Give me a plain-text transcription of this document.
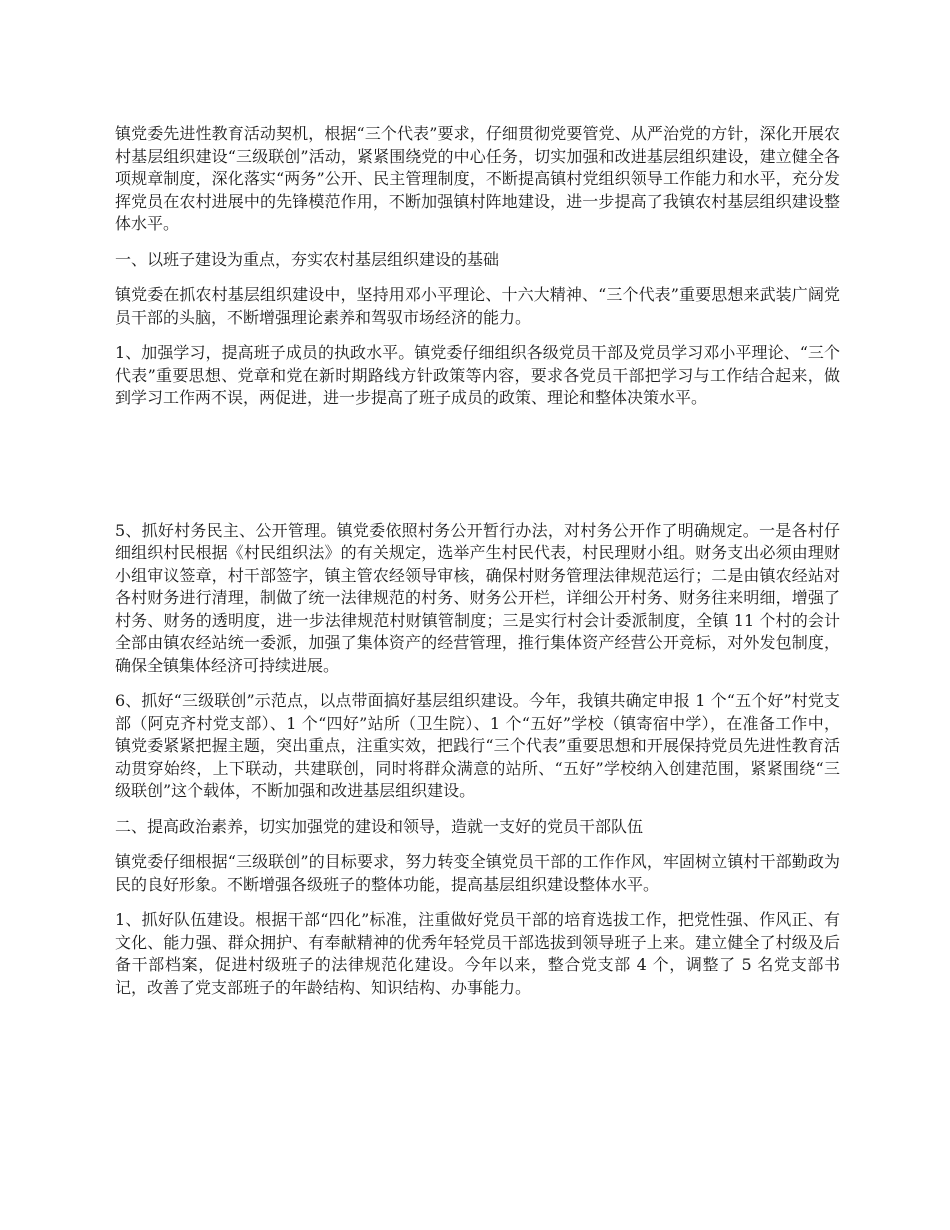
镇党委先进性教育活动契机，根据“三个代表”要求，仔细贯彻党要管党、从严治党的方针，深化开展农村基层组织建设“三级联创”活动，紧紧围绕党的中心任务，切实加强和改进基层组织建设，建立健全各项规章制度，深化落实“两务”公开、民主管理制度，不断提高镇村党组织领导工作能力和水平，充分发挥党员在农村进展中的先锋模范作用，不断加强镇村阵地建设，进一步提高了我镇农村基层组织建设整体水平。

一、以班子建设为重点，夯实农村基层组织建设的基础

镇党委在抓农村基层组织建设中，坚持用邓小平理论、十六大精神、“三个代表”重要思想来武装广阔党员干部的头脑，不断增强理论素养和驾驭市场经济的能力。

1、加强学习，提高班子成员的执政水平。镇党委仔细组织各级党员干部及党员学习邓小平理论、“三个代表”重要思想、党章和党在新时期路线方针政策等内容，要求各党员干部把学习与工作结合起来，做到学习工作两不误，两促进，进一步提高了班子成员的政策、理论和整体决策水平。

5、抓好村务民主、公开管理。镇党委依照村务公开暂行办法，对村务公开作了明确规定。一是各村仔细组织村民根据《村民组织法》的有关规定，选举产生村民代表，村民理财小组。财务支出必须由理财小组审议签章，村干部签字，镇主管农经领导审核，确保村财务管理法律规范运行；二是由镇农经站对各村财务进行清理，制做了统一法律规范的村务、财务公开栏，详细公开村务、财务往来明细，增强了村务、财务的透明度，进一步法律规范村财镇管制度；三是实行村会计委派制度，全镇 11 个村的会计全部由镇农经站统一委派，加强了集体资产的经营管理，推行集体资产经营公开竞标，对外发包制度，确保全镇集体经济可持续进展。

6、抓好“三级联创”示范点，以点带面搞好基层组织建设。今年，我镇共确定申报 1 个“五个好”村党支部（阿克齐村党支部）、1 个“四好”站所（卫生院）、1 个“五好”学校（镇寄宿中学），在准备工作中，镇党委紧紧把握主题，突出重点，注重实效，把践行“三个代表”重要思想和开展保持党员先进性教育活动贯穿始终，上下联动，共建联创，同时将群众满意的站所、“五好”学校纳入创建范围，紧紧围绕“三级联创”这个载体，不断加强和改进基层组织建设。

二、提高政治素养，切实加强党的建设和领导，造就一支好的党员干部队伍

镇党委仔细根据“三级联创”的目标要求，努力转变全镇党员干部的工作作风，牢固树立镇村干部勤政为民的良好形象。不断增强各级班子的整体功能，提高基层组织建设整体水平。

1、抓好队伍建设。根据干部“四化”标准，注重做好党员干部的培育选拔工作，把党性强、作风正、有文化、能力强、群众拥护、有奉献精神的优秀年轻党员干部选拔到领导班子上来。建立健全了村级及后备干部档案，促进村级班子的法律规范化建设。今年以来，整合党支部 4 个，调整了 5 名党支部书记，改善了党支部班子的年龄结构、知识结构、办事能力。
